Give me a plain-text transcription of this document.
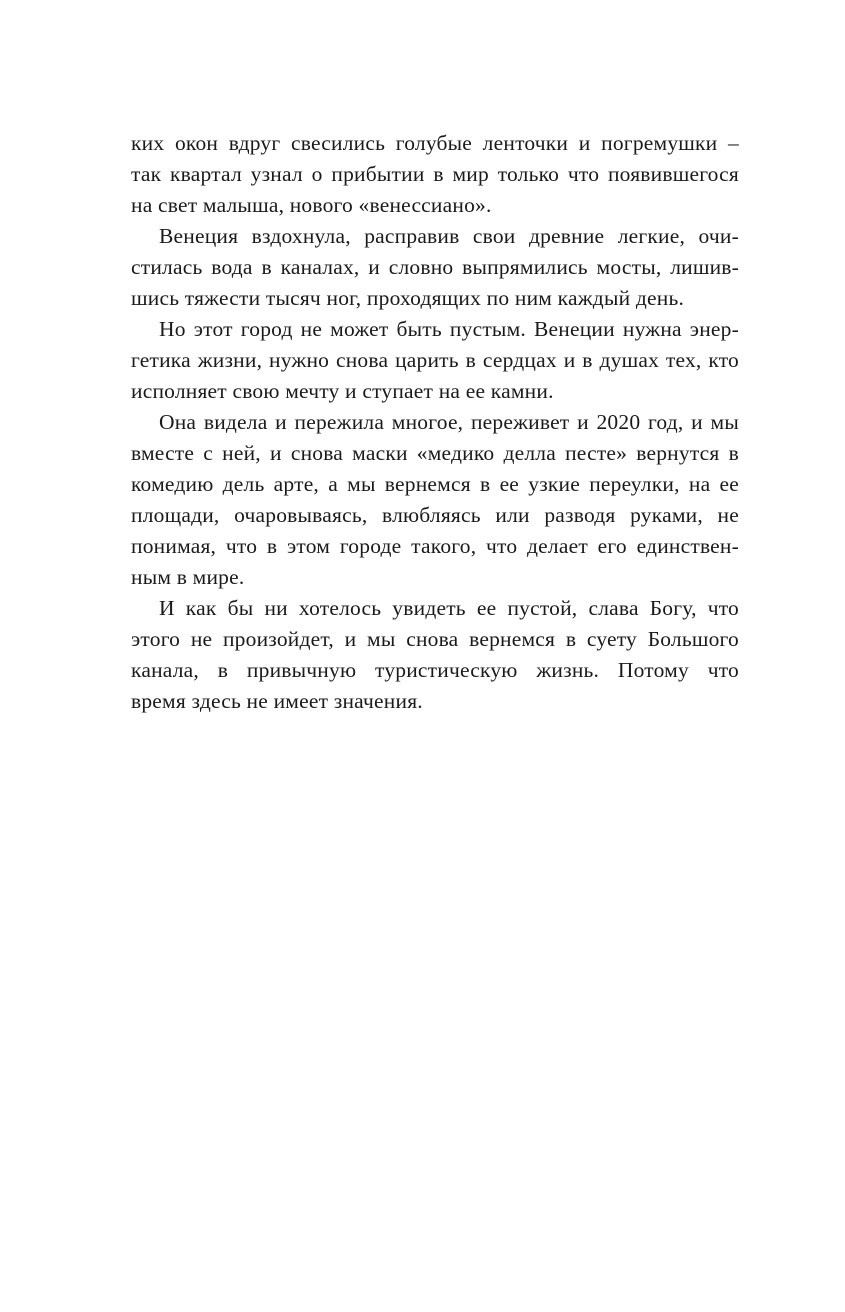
ких окон вдруг свесились голубые ленточки и погремушки –
так квартал узнал о прибытии в мир только что появившегося
на свет малыша, нового «венессиано».
Венеция вздохнула, расправив свои древние легкие, очи-
стилась вода в каналах, и словно выпрямились мосты, лишив-
шись тяжести тысяч ног, проходящих по ним каждый день.
Но этот город не может быть пустым. Венеции нужна энер-
гетика жизни, нужно снова царить в сердцах и в душах тех, кто
исполняет свою мечту и ступает на ее камни.
Она видела и пережила многое, переживет и 2020 год, и мы
вместе с ней, и снова маски «медико делла песте» вернутся в
комедию дель арте, а мы вернемся в ее узкие переулки, на ее
площади, очаровываясь, влюбляясь или разводя руками, не
понимая, что в этом городе такого, что делает его единствен-
ным в мире.
И как бы ни хотелось увидеть ее пустой, слава Богу, что
этого не произойдет, и мы снова вернемся в суету Большого
канала, в привычную туристическую жизнь. Потому что
время здесь не имеет значения.
